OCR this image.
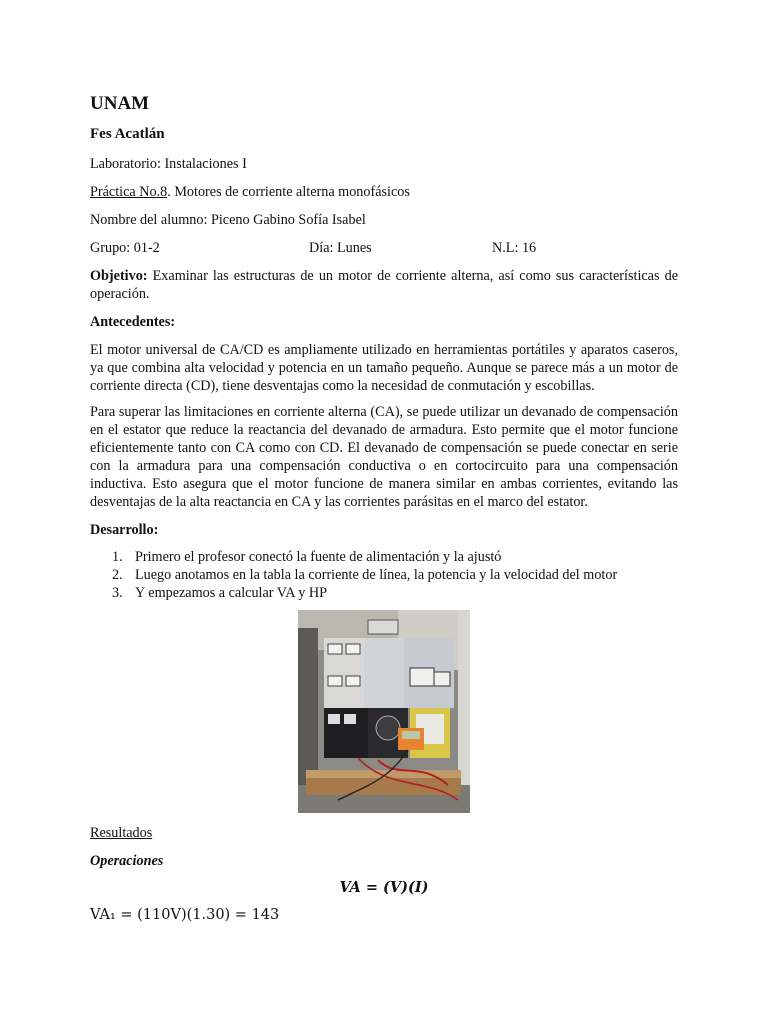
UNAM
Fes Acatlán
Laboratorio: Instalaciones I
Práctica No.8. Motores de corriente alterna monofásicos
Nombre del alumno: Piceno Gabino Sofía Isabel
Grupo: 01-2	Día: Lunes	N.L: 16
Objetivo: Examinar las estructuras de un motor de corriente alterna, así como sus características de operación.
Antecedentes:
El motor universal de CA/CD es ampliamente utilizado en herramientas portátiles y aparatos caseros, ya que combina alta velocidad y potencia en un tamaño pequeño. Aunque se parece más a un motor de corriente directa (CD), tiene desventajas como la necesidad de conmutación y escobillas.
Para superar las limitaciones en corriente alterna (CA), se puede utilizar un devanado de compensación en el estator que reduce la reactancia del devanado de armadura. Esto permite que el motor funcione eficientemente tanto con CA como con CD. El devanado de compensación se puede conectar en serie con la armadura para una compensación conductiva o en cortocircuito para una compensación inductiva. Esto asegura que el motor funcione de manera similar en ambas corrientes, evitando las desventajas de la alta reactancia en CA y las corrientes parásitas en el marco del estator.
Desarrollo:
1. Primero el profesor conectó la fuente de alimentación y la ajustó
2. Luego anotamos en la tabla la corriente de línea, la potencia y la velocidad del motor
3. Y empezamos a calcular VA y HP
Resultados
Operaciones
VA = (V)(I)
VA₁ = (110V)(1.30) = 143
